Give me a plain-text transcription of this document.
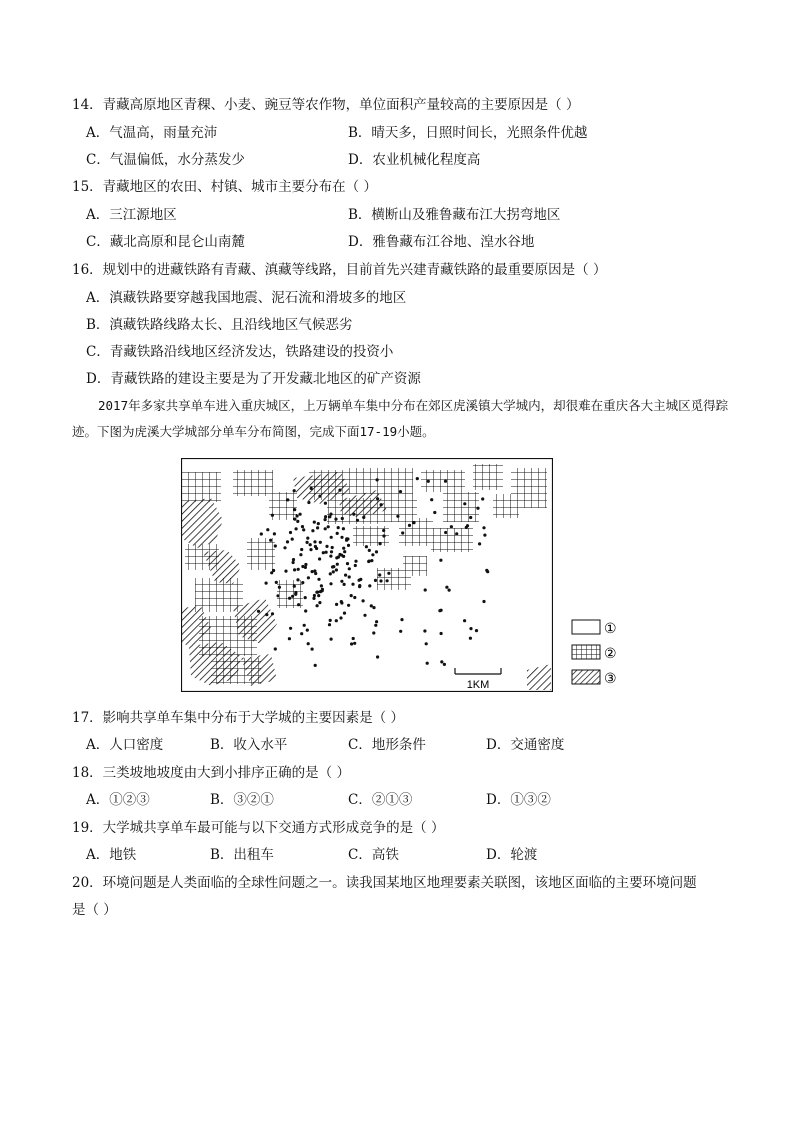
14．青藏高原地区青稞、小麦、豌豆等农作物，单位面积产量较高的主要原因是（ ）
A．气温高，雨量充沛	B．晴天多，日照时间长，光照条件优越
C．气温偏低，水分蒸发少	D．农业机械化程度高
15．青藏地区的农田、村镇、城市主要分布在（ ）
A．三江源地区	B．横断山及雅鲁藏布江大拐弯地区
C．藏北高原和昆仑山南麓	D．雅鲁藏布江谷地、湟水谷地
16．规划中的进藏铁路有青藏、滇藏等线路，目前首先兴建青藏铁路的最重要原因是（ ）
A．滇藏铁路要穿越我国地震、泥石流和滑坡多的地区
B．滇藏铁路线路太长、且沿线地区气候恶劣
C．青藏铁路沿线地区经济发达，铁路建设的投资小
D．青藏铁路的建设主要是为了开发藏北地区的矿产资源
2017年多家共享单车进入重庆城区，上万辆单车集中分布在郊区虎溪镇大学城内，却很难在重庆各大主城区觅得踪迹。下图为虎溪大学城部分单车分布简图，完成下面17-19小题。
1KM
①
②
③
17．影响共享单车集中分布于大学城的主要因素是（ ）
A．人口密度	B．收入水平	C．地形条件	D．交通密度
18．三类坡地坡度由大到小排序正确的是（ ）
A．①②③	B．③②①	C．②①③	D．①③②
19．大学城共享单车最可能与以下交通方式形成竞争的是（ ）
A．地铁	B．出租车	C．高铁	D．轮渡
20．环境问题是人类面临的全球性问题之一。读我国某地区地理要素关联图，该地区面临的主要环境问题
是（ ）
